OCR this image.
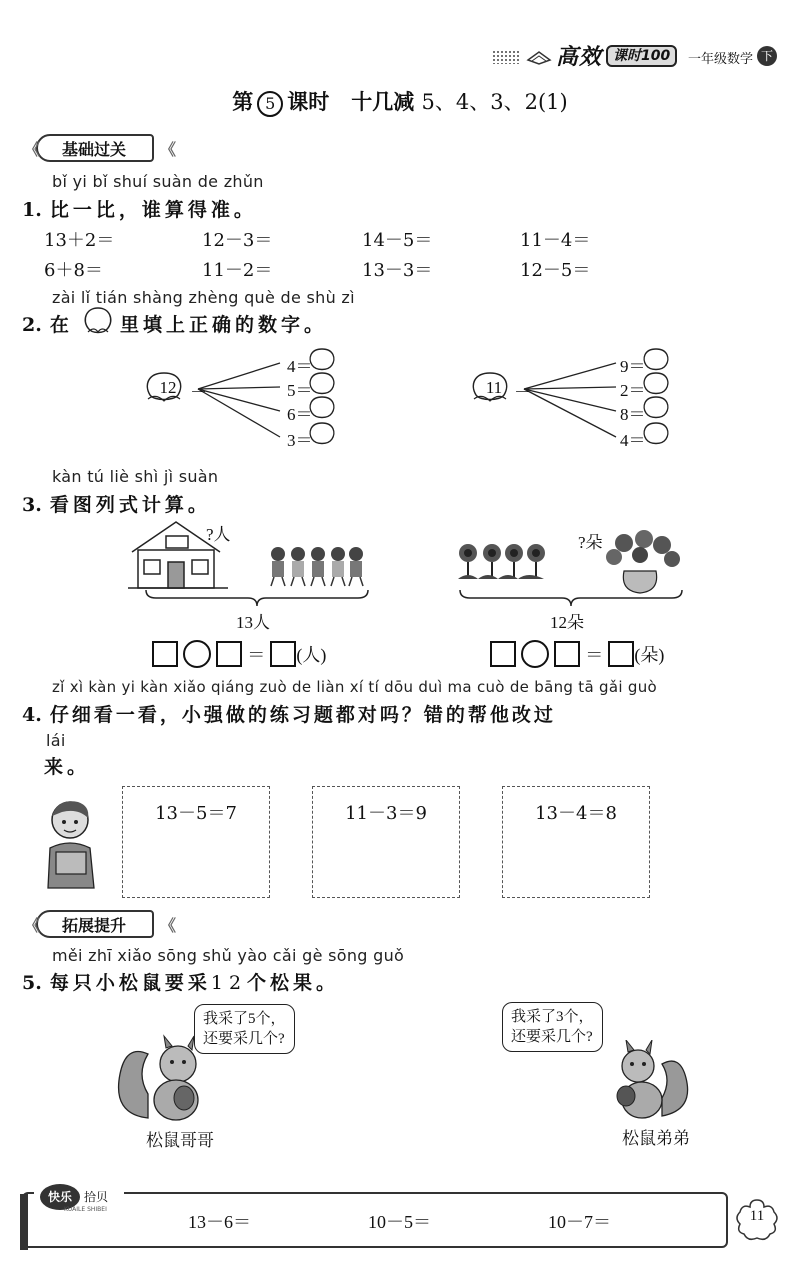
高效 课时100	一年级数学 下
第 5 课时 十几减 5、4、3、2(1)
《 基础过关 《
bǐ yi bǐ shuí suàn de zhǔn
1. 比一比，谁算得准。
13＋2＝	12－3＝	14－5＝	11－4＝
6＋8＝	11－2＝	13－3＝	12－5＝
zài lǐ tián shàng zhèng què de shù zì
2. 在 里填上正确的数字。
12 －
4＝
5＝
6＝
3＝
11 －
9＝
2＝
8＝
4＝
kàn tú liè shì jì suàn
3. 看图列式计算。
?人
13人
＝ (人)
?朵
12朵
＝ (朵)
zǐ xì kàn yi kàn xiǎo qiáng zuò de liàn xí tí dōu duì ma cuò de bāng tā gǎi guò
4. 仔细看一看，小强做的练习题都对吗？错的帮他改过
lái
来。
13－5＝7	11－3＝9	13－4＝8
《 拓展提升 《
měi zhī xiǎo sōng shǔ yào cǎi gè sōng guǒ
5. 每只小松鼠要采12个松果。
我采了5个，
还要采几个?
松鼠哥哥
我采了3个，
还要采几个?
松鼠弟弟
快乐	拾贝
KUAILE SHIBEI
13－6＝	10－5＝	10－7＝	11
